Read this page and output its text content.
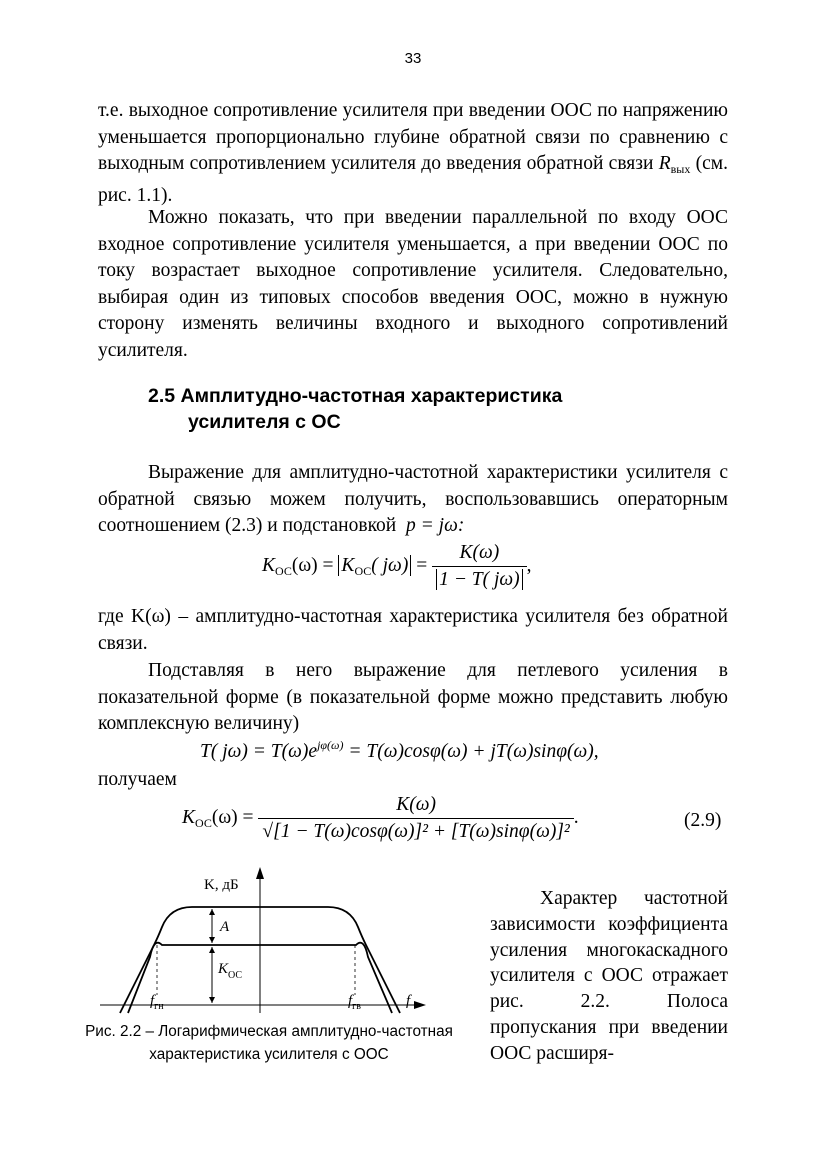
33
т.е. выходное сопротивление усилителя при введении ООС по напряжению уменьшается пропорционально глубине обратной связи по сравнению с выходным сопротивлением усилителя до введения обратной связи $R_{вых}$ (см. рис. 1.1).
Можно показать, что при введении параллельной по входу ООС входное сопротивление усилителя уменьшается, а при введении ООС по току возрастает выходное сопротивление усилителя. Следовательно, выбирая один из типовых способов введения ООС, можно в нужную сторону изменять величины входного и выходного сопротивлений усилителя.
2.5 Амплитудно-частотная характеристика
усилителя с ОС
Выражение для амплитудно-частотной характеристики усилителя с обратной связью можем получить, воспользовавшись операторным соотношением (2.3) и подстановкой p = jω:
$K_{ОС}(\omega) = K_{ОС}$( $j\omega) = \frac{K(\omega)}{1 - T( j\omega)}$ ,
где K(ω) – амплитудно-частотная характеристика усилителя без обратной связи.
Подставляя в него выражение для петлевого усиления в показательной форме (в показательной форме можно представить любую комплексную величину)
T( $j\omega) = T(\omega)e^{j\varphi(\omega)} = T(\omega)\cos\varphi(\omega) + jT(\omega)\sin\varphi(\omega)$,
получаем
$K_{ОС}(\omega) = \frac{K(\omega)}{\text{√[1 − T(ω)cosφ(ω)]² + [T(ω)sinφ(ω)]²}}$ .	(2.9)
K, дБ
A
$K_{ОС}$
$f_{гн}$	$f_{гв}$	f
Рис. 2.2 – Логарифмическая амплитудно-частотная характеристика усилителя с ООС
Характер частотной зависимости коэффициента усиления многокаскадного усилителя с ООС отражает рис. 2.2. Полоса пропускания при введении ООС расширя-
